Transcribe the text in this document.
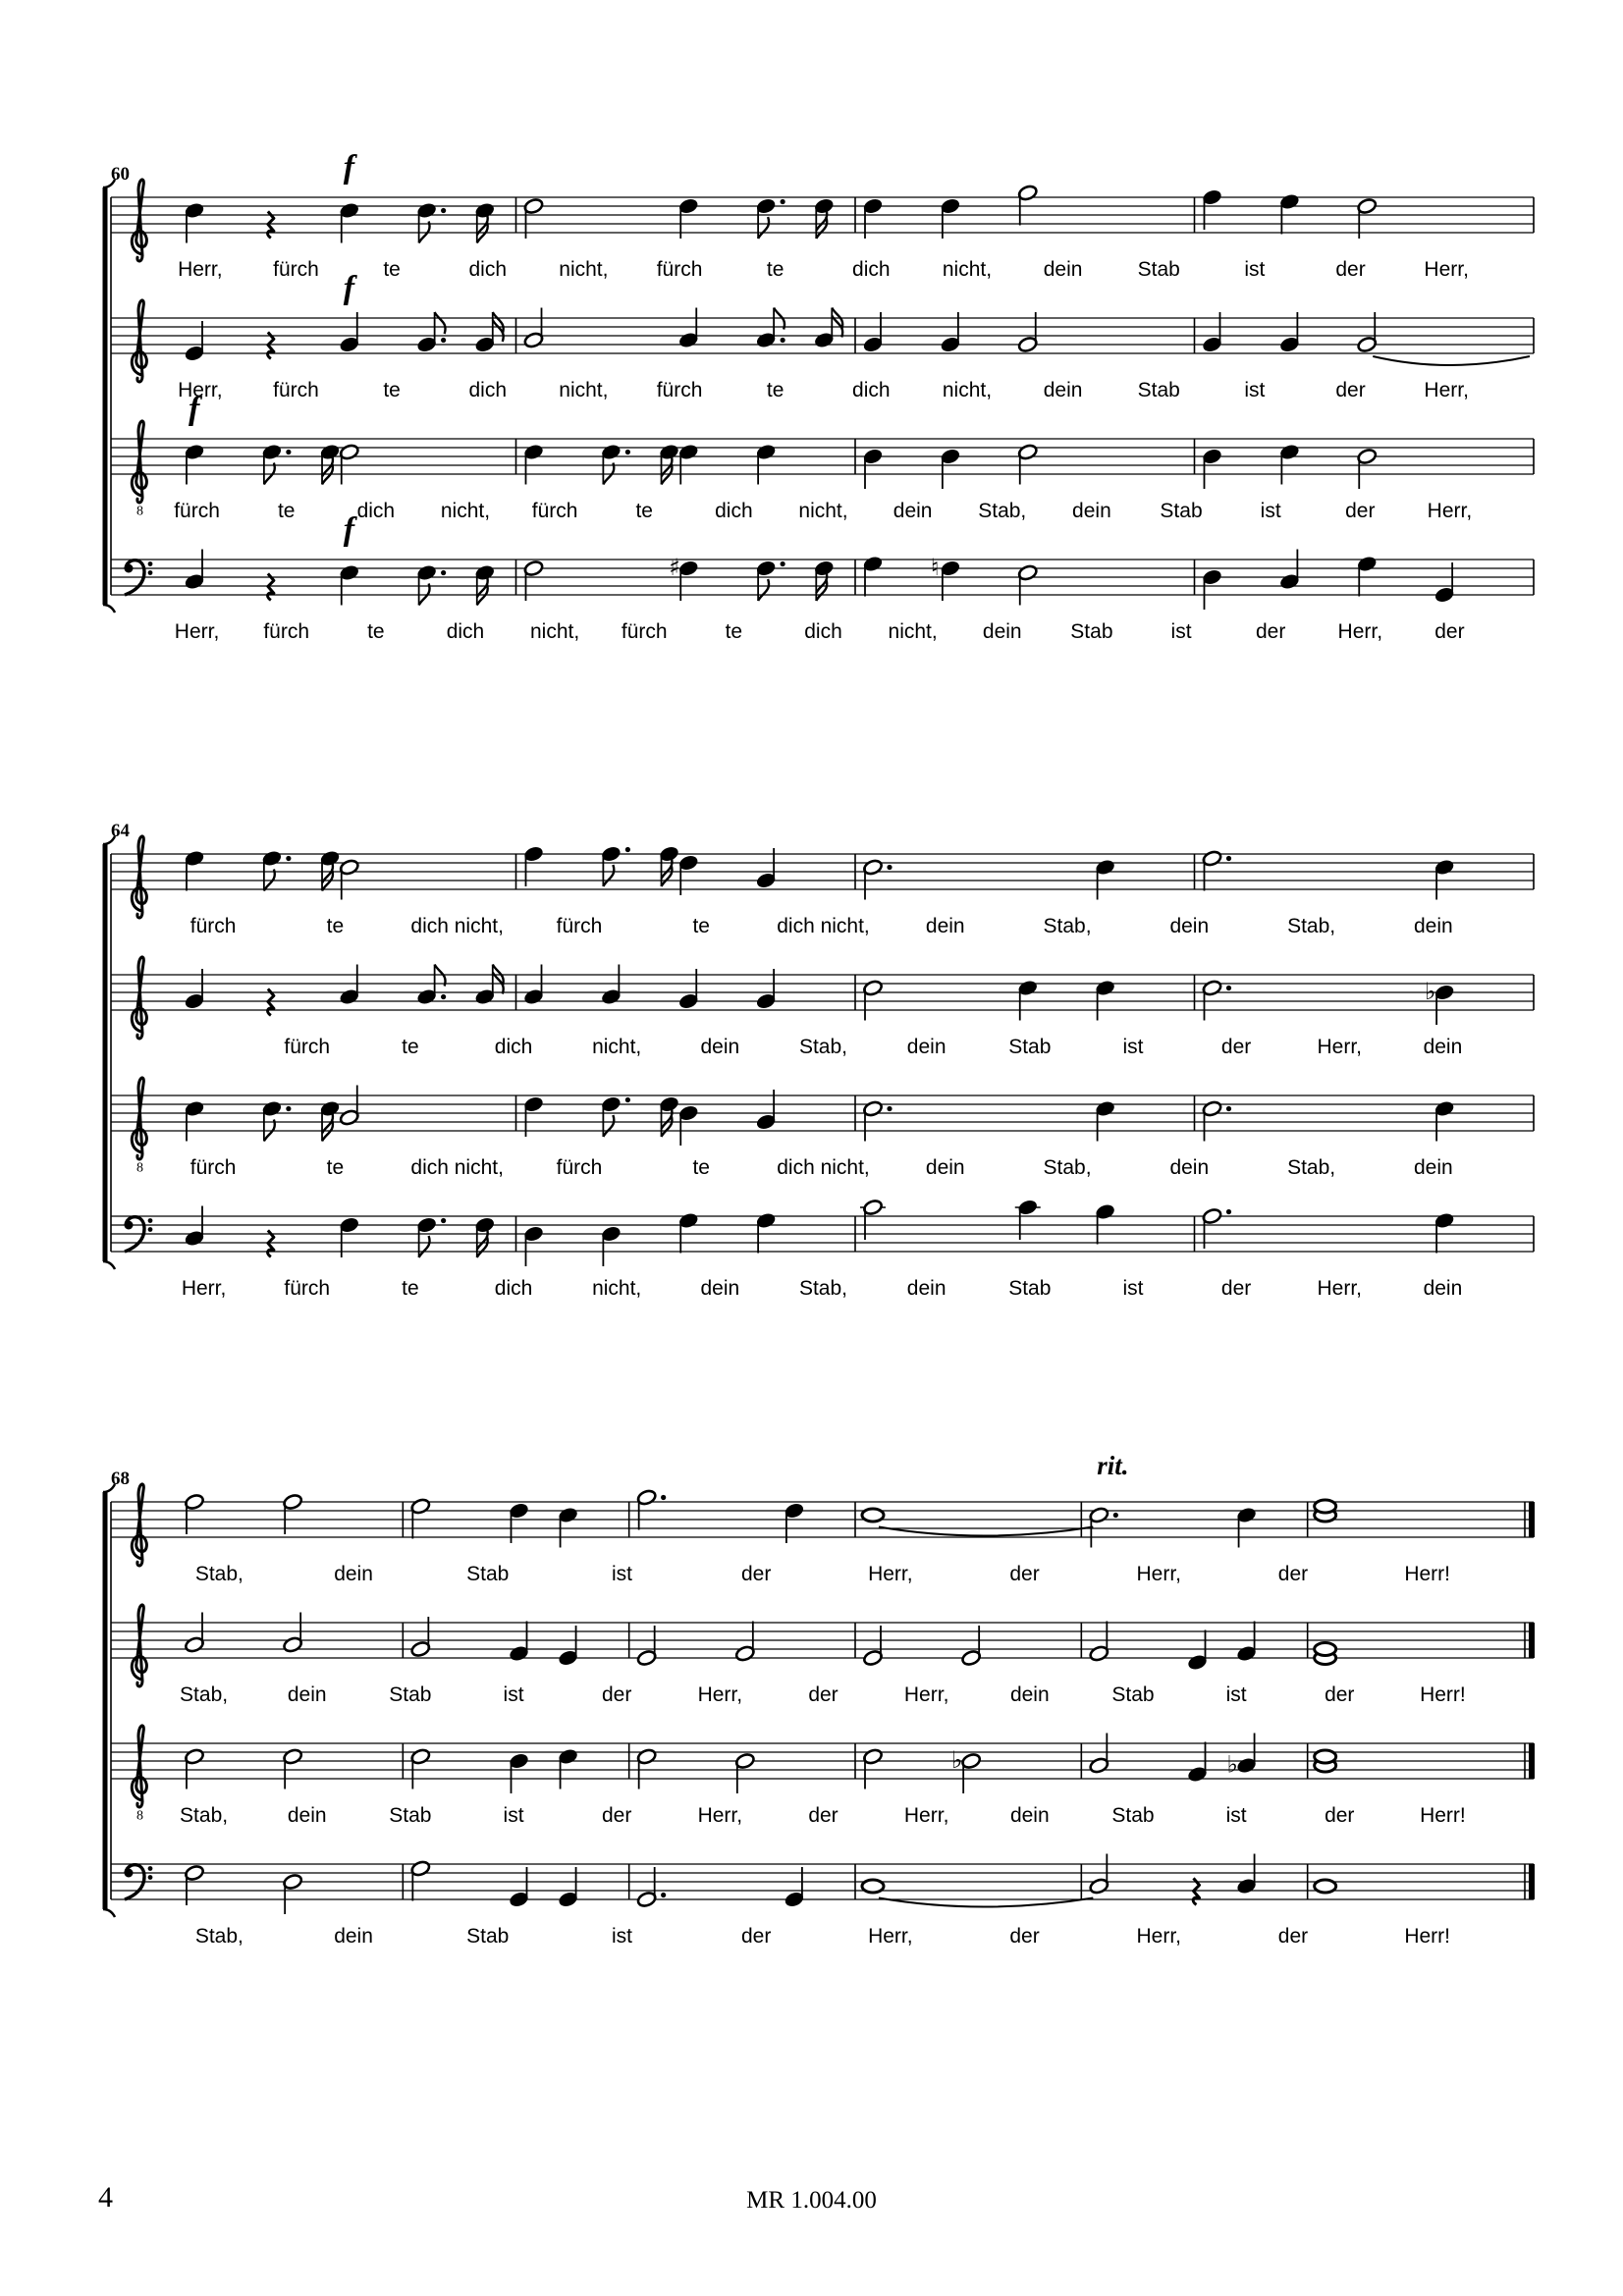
60	f
Herr, fürch	te	dich	nicht, fürch	te	dich	nicht,	dein	Stab	ist	der	Herr,
f
Herr, fürch	te	dich	nicht, fürch	te	dich	nicht,	dein	Stab	ist	der	Herr,
8
f
fürch	te	dich nicht, fürch	te	dich nicht, dein Stab, dein Stab	ist	der	Herr,
f
♯	♮
Herr, fürch	te	dich nicht, fürch	te	dich nicht, dein Stab	ist	der	Herr,	der
64
fürch	te	dich nicht,	fürch	te	dich nicht,	dein	Stab,	dein	Stab,	dein
♭
fürch	te	dich	nicht,	dein	Stab,	dein	Stab	ist	der	Herr,	dein
8 fürch	te	dich nicht,	fürch	te	dich nicht,	dein	Stab,	dein	Stab,	dein
Herr,	fürch	te	dich	nicht,	dein	Stab,	dein	Stab	ist	der	Herr,	dein
68
Stab,	dein	Stab	ist	der	Herr,	der	Herr,	der	Herr!
Stab,	dein	Stab	ist	der	Herr,	der	Herr,	dein	Stab	ist	der	Herr!
8
♭	♭
Stab,	dein	Stab	ist	der	Herr,	der	Herr,	dein	Stab	ist	der	Herr!
Stab,	dein	Stab	ist	der	Herr,	der	Herr,	der	Herr!
rit.
4	MR 1.004.00
